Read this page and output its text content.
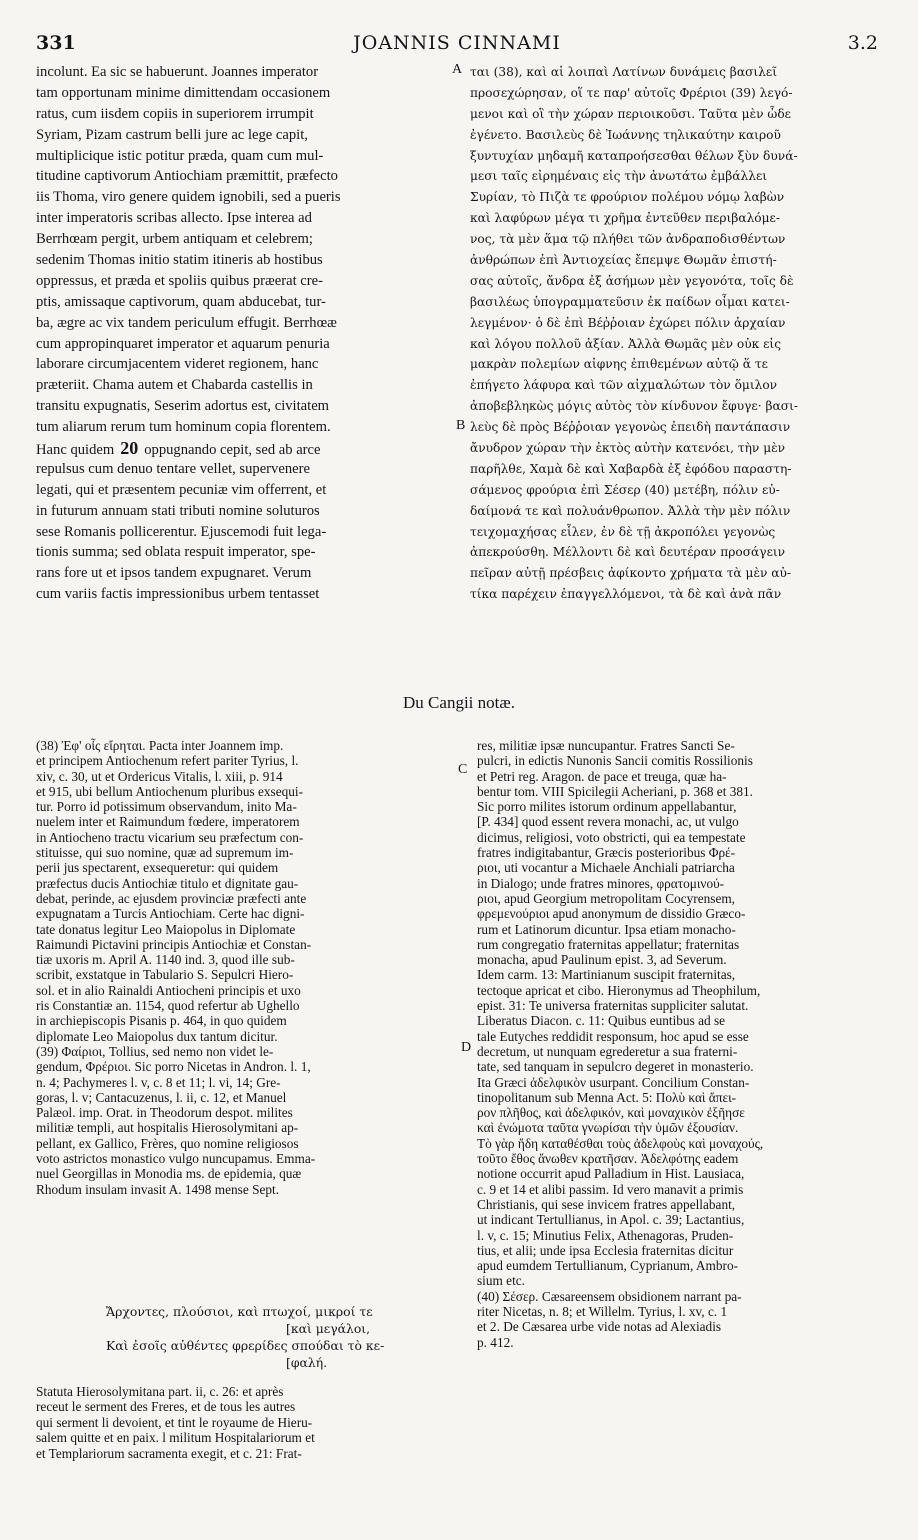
331	JOANNIS CINNAMI	3.2
A
B
C
D
incolunt. Ea sic se habuerunt. Joannes imperator
tam opportunam minime dimittendam occasionem
ratus, cum iisdem copiis in superiorem irrumpit
Syriam, Pizam castrum belli jure ac lege capit,
multiplicique istic potitur præda, quam cum mul-
titudine captivorum Antiochiam præmittit, præfecto
iis Thoma, viro genere quidem ignobili, sed a pueris
inter imperatoris scribas allecto. Ipse interea ad
Berrhœam pergit, urbem antiquam et celebrem;
sedenim Thomas initio statim itineris ab hostibus
oppressus, et præda et spoliis quibus præerat cre-
ptis, amissaque captivorum, quam abducebat, tur-
ba, ægre ac vix tandem periculum effugit. Berrhœæ
cum appropinquaret imperator et aquarum penuria
laborare circumjacentem videret regionem, hanc
præteriit. Chama autem et Chabarda castellis in
transitu expugnatis, Seserim adortus est, civitatem
tum aliarum rerum tum hominum copia florentem.
Hanc quidem 20 oppugnando cepit, sed ab arce
repulsus cum denuo tentare vellet, supervenere
legati, qui et præsentem pecuniæ vim offerrent, et
in futurum annuam stati tributi nomine soluturos
sese Romanis pollicerentur. Ejuscemodi fuit lega-
tionis summa; sed oblata respuit imperator, spe-
rans fore ut et ipsos tandem expugnaret. Verum
cum variis factis impressionibus urbem tentasset
ται (38), καὶ αἱ λοιπαὶ Λατίνων δυνάμεις βασιλεῖ
προσεχώρησαν, οἵ τε παρ' αὐτοῖς Φρέριοι (39) λεγό-
μενοι καὶ οἳ τὴν χώραν περιοικοῦσι. Ταῦτα μὲν ὧδε
ἐγένετο. Βασιλεὺς δὲ Ἰωάννης τηλικαύτην καιροῦ
ξυντυχίαν μηδαμῆ καταπροήσεσθαι θέλων ξὺν δυνά-
μεσι ταῖς εἰρημέναις εἰς τὴν ἀνωτάτω ἐμβάλλει
Συρίαν, τὸ Πιζὰ τε φρούριον πολέμου νόμῳ λαβὼν
καὶ λαφύρων μέγα τι χρῆμα ἐντεῦθεν περιβαλόμε-
νος, τὰ μὲν ἅμα τῷ πλήθει τῶν ἀνδραποδισθέντων
ἀνθρώπων ἐπὶ Ἀντιοχείας ἔπεμψε Θωμᾶν ἐπιστή-
σας αὐτοῖς, ἄνδρα ἐξ ἀσήμων μὲν γεγονότα, τοῖς δὲ
βασιλέως ὑπογραμματεῦσιν ἐκ παίδων οἶμαι κατει-
λεγμένον· ὁ δὲ ἐπὶ Βέῤῥοιαν ἐχώρει πόλιν ἀρχαίαν
καὶ λόγου πολλοῦ ἀξίαν. Ἀλλὰ Θωμᾶς μὲν οὐκ εἰς
μακρὰν πολεμίων αἰφνης ἐπιθεμένων αὐτῷ ἅ τε
ἐπήγετο λάφυρα καὶ τῶν αἰχμαλώτων τὸν ὅμιλον
ἀποβεβληκὼς μόγις αὐτὸς τὸν κίνδυνον ἔφυγε· βασι-
λεὺς δὲ πρὸς Βέῤῥοιαν γεγονὼς ἐπειδὴ παντάπασιν
ἄνυδρον χώραν τὴν ἐκτὸς αὐτὴν κατενόει, τὴν μὲν
παρῆλθε, Χαμὰ δὲ καὶ Χαβαρδὰ ἐξ ἐφόδου παραστη-
σάμενος φρούρια ἐπὶ Σέσερ (40) μετέβη, πόλιν εὐ-
δαίμονά τε καὶ πολυάνθρωπον. Ἀλλὰ τὴν μὲν πόλιν
τειχομαχήσας εἷλεν, ἐν δὲ τῇ ἀκροπόλει γεγονὼς
ἀπεκρούσθη. Μέλλοντι δὲ καὶ δευτέραν προσάγειν
πεῖραν αὐτῇ πρέσβεις ἀφίκοντο χρήματα τὰ μὲν αὐ-
τίκα παρέχειν ἐπαγγελλόμενοι, τὰ δὲ καὶ ἀνὰ πᾶν
Du Cangii notæ.
(38) Ἐφ' οἷς εἴρηται. Pacta inter Joannem imp.
et principem Antiochenum refert pariter Tyrius, l.
xiv, c. 30, ut et Ordericus Vitalis, l. xiii, p. 914
et 915, ubi bellum Antiochenum pluribus exsequi-
tur. Porro id potissimum observandum, inito Ma-
nuelem inter et Raimundum fœdere, imperatorem
in Antiocheno tractu vicarium seu præfectum con-
stituisse, qui suo nomine, quæ ad supremum im-
perii jus spectarent, exsequeretur: qui quidem
præfectus ducis Antiochiæ titulo et dignitate gau-
debat, perinde, ac ejusdem provinciæ præfecti ante
expugnatam a Turcis Antiochiam. Certe hac digni-
tate donatus legitur Leo Maiopolus in Diplomate
Raimundi Pictavini principis Antiochiæ et Constan-
tiæ uxoris m. April A. 1140 ind. 3, quod ille sub-
scribit, exstatque in Tabulario S. Sepulcri Hiero-
sol. et in alio Rainaldi Antiocheni principis et uxo
ris Constantiæ an. 1154, quod refertur ab Ughello
in archiepiscopis Pisanis p. 464, in quo quidem
diplomate Leo Maiopolus dux tantum dicitur.
(39) Φαίριοι, Tollius, sed nemo non videt le-
gendum, Φρέριοι. Sic porro Nicetas in Andron. l. 1,
n. 4; Pachymeres l. v, c. 8 et 11; l. vi, 14; Gre-
goras, l. v; Cantacuzenus, l. ii, c. 12, et Manuel
Palæol. imp. Orat. in Theodorum despot. milites
militiæ templi, aut hospitalis Hierosolymitani ap-
pellant, ex Gallico, Frères, quo nomine religiosos
voto astrictos monastico vulgo nuncupamus. Emma-
nuel Georgillas in Monodia ms. de epidemia, quæ
Rhodum insulam invasit A. 1498 mense Sept.
Ἄρχοντες, πλούσιοι, καὶ πτωχοί, μικροί τε
[καὶ μεγάλοι,
Καὶ ἐσοῖς αὐθέντες φρερίδες σπούδαι τὸ κε-
[φαλή.
Statuta Hierosolymitana part. ii, c. 26: et après
receut le serment des Freres, et de tous les autres
qui serment li devoient, et tint le royaume de Hieru-
salem quitte et en paix. l militum Hospitalariorum et
et Templariorum sacramenta exegit, et c. 21: Frat-
res, militiæ ipsæ nuncupantur. Fratres Sancti Se-
pulcri, in edictis Nunonis Sancii comitis Rossilionis
et Petri reg. Aragon. de pace et treuga, quæ ha-
bentur tom. VIII Spicilegii Acheriani, p. 368 et 381.
Sic porro milites istorum ordinum appellabantur,
[P. 434] quod essent revera monachi, ac, ut vulgo
dicimus, religiosi, voto obstricti, qui ea tempestate
fratres indigitabantur, Græcis posterioribus Φρέ-
ριοι, uti vocantur a Michaele Anchiali patriarcha
in Dialogo; unde fratres minores, φρατομινού-
ριοι, apud Georgium metropolitam Cocyrensem,
φρεμενούριοι apud anonymum de dissidio Græco-
rum et Latinorum dicuntur. Ipsa etiam monacho-
rum congregatio fraternitas appellatur; fraternitas
monacha, apud Paulinum epist. 3, ad Severum.
Idem carm. 13: Martinianum suscipit fraternitas,
tectoque apricat et cibo. Hieronymus ad Theophilum,
epist. 31: Te universa fraternitas suppliciter salutat.
Liberatus Diacon. c. 11: Quibus euntibus ad se
tale Eutyches reddidit responsum, hoc apud se esse
decretum, ut nunquam egrederetur a sua fraterni-
tate, sed tanquam in sepulcro degeret in monasterio.
Ita Græci ἀδελφικὸν usurpant. Concilium Constan-
tinopolitanum sub Menna Act. 5: Πολὺ καὶ ἄπει-
ρον πλῆθος, καὶ ἀδελφικόν, καὶ μοναχικὸν ἐξῆησε
καὶ ἐνώμοτα ταῦτα γνωρίσαι τὴν ὑμῶν ἐξουσίαν.
Τὸ γὰρ ἤδη καταθέσθαι τοὺς ἀδελφοὺς καὶ μοναχούς,
τοῦτο ἔθος ἄνωθεν κρατῆσαν. Ἀδελφότης eadem
notione occurrit apud Palladium in Hist. Lausiaca,
c. 9 et 14 et alibi passim. Id vero manavit a primis
Christianis, qui sese invicem fratres appellabant,
ut indicant Tertullianus, in Apol. c. 39; Lactantius,
l. v, c. 15; Minutius Felix, Athenagoras, Pruden-
tius, et alii; unde ipsa Ecclesia fraternitas dicitur
apud eumdem Tertullianum, Cyprianum, Ambro-
sium etc.
(40) Σέσερ. Cæsareensem obsidionem narrant pa-
riter Nicetas, n. 8; et Willelm. Tyrius, l. xv, c. 1
et 2. De Cæsarea urbe vide notas ad Alexiadis
p. 412.
